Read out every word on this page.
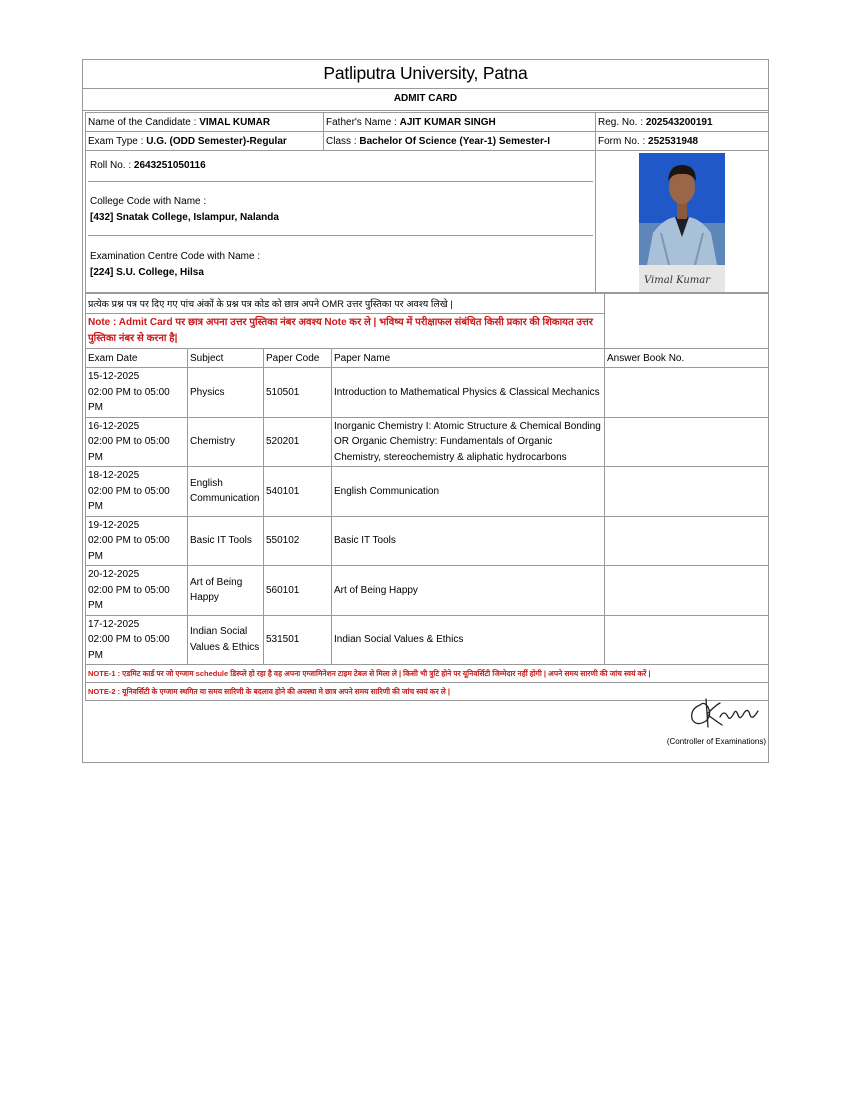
Patliputra University, Patna
ADMIT CARD
Name of the Candidate : VIMAL KUMAR	Father's Name : AJIT KUMAR SINGH	Reg. No. : 202543200191
Exam Type : U.G. (ODD Semester)-Regular	Class : Bachelor Of Science (Year-1) Semester-I	Form No. : 252531948

Roll No. : 2643251050116
College Code with Name :
[432] Snatak College, Islampur, Nalanda
Examination Centre Code with Name :
[224] S.U. College, Hilsa		Vimal Kumar
प्रत्येक प्रश्न पत्र पर दिए गए पांच अंकों के प्रश्न पत्र कोड को छात्र अपने OMR उत्तर पुस्तिका पर अवश्य लिखे |				
Note : Admit Card पर छात्र अपना उत्तर पुस्तिका नंबर अवश्य Note कर ले | भविष्य में परीक्षाफल संबंधित किसी प्रकार की शिकायत उत्तर पुस्तिका नंबर से करना है|				
Exam Date	Subject	Paper Code	Paper Name	Answer Book No.

15-12-2025
02:00 PM to 05:00 PM	Physics	510501	Introduction to Mathematical Physics & Classical Mechanics	

16-12-2025
02:00 PM to 05:00 PM	Chemistry	520201	Inorganic Chemistry I: Atomic Structure & Chemical Bonding OR Organic Chemistry: Fundamentals of Organic Chemistry, stereochemistry & aliphatic hydrocarbons	

18-12-2025
02:00 PM to 05:00 PM	English Communication	540101	English Communication	

19-12-2025
02:00 PM to 05:00 PM	Basic IT Tools	550102	Basic IT Tools	

20-12-2025
02:00 PM to 05:00 PM	Art of Being Happy	560101	Art of Being Happy	

17-12-2025
02:00 PM to 05:00 PM	Indian Social Values & Ethics	531501	Indian Social Values & Ethics	
NOTE-1 : एडमिट कार्ड पर जो एग्जाम schedule डिस्प्ले हो रहा है वह अपना एग्जामिनेशन टाइम टेबल से मिला ले | किसी भी त्रुटि होने पर यूनिवर्सिटी जिम्मेदार नहीं होगी | अपने समय सारणी की जांच स्वयं करें |				
NOTE-2 : यूनिवर्सिटी के एग्जाम स्थगित या समय सारिणी के बदलाव होने की अवस्था मे छात्र अपने समय सारिणी की जांच स्वयं कर ले |				
(Controller of Examinations)
